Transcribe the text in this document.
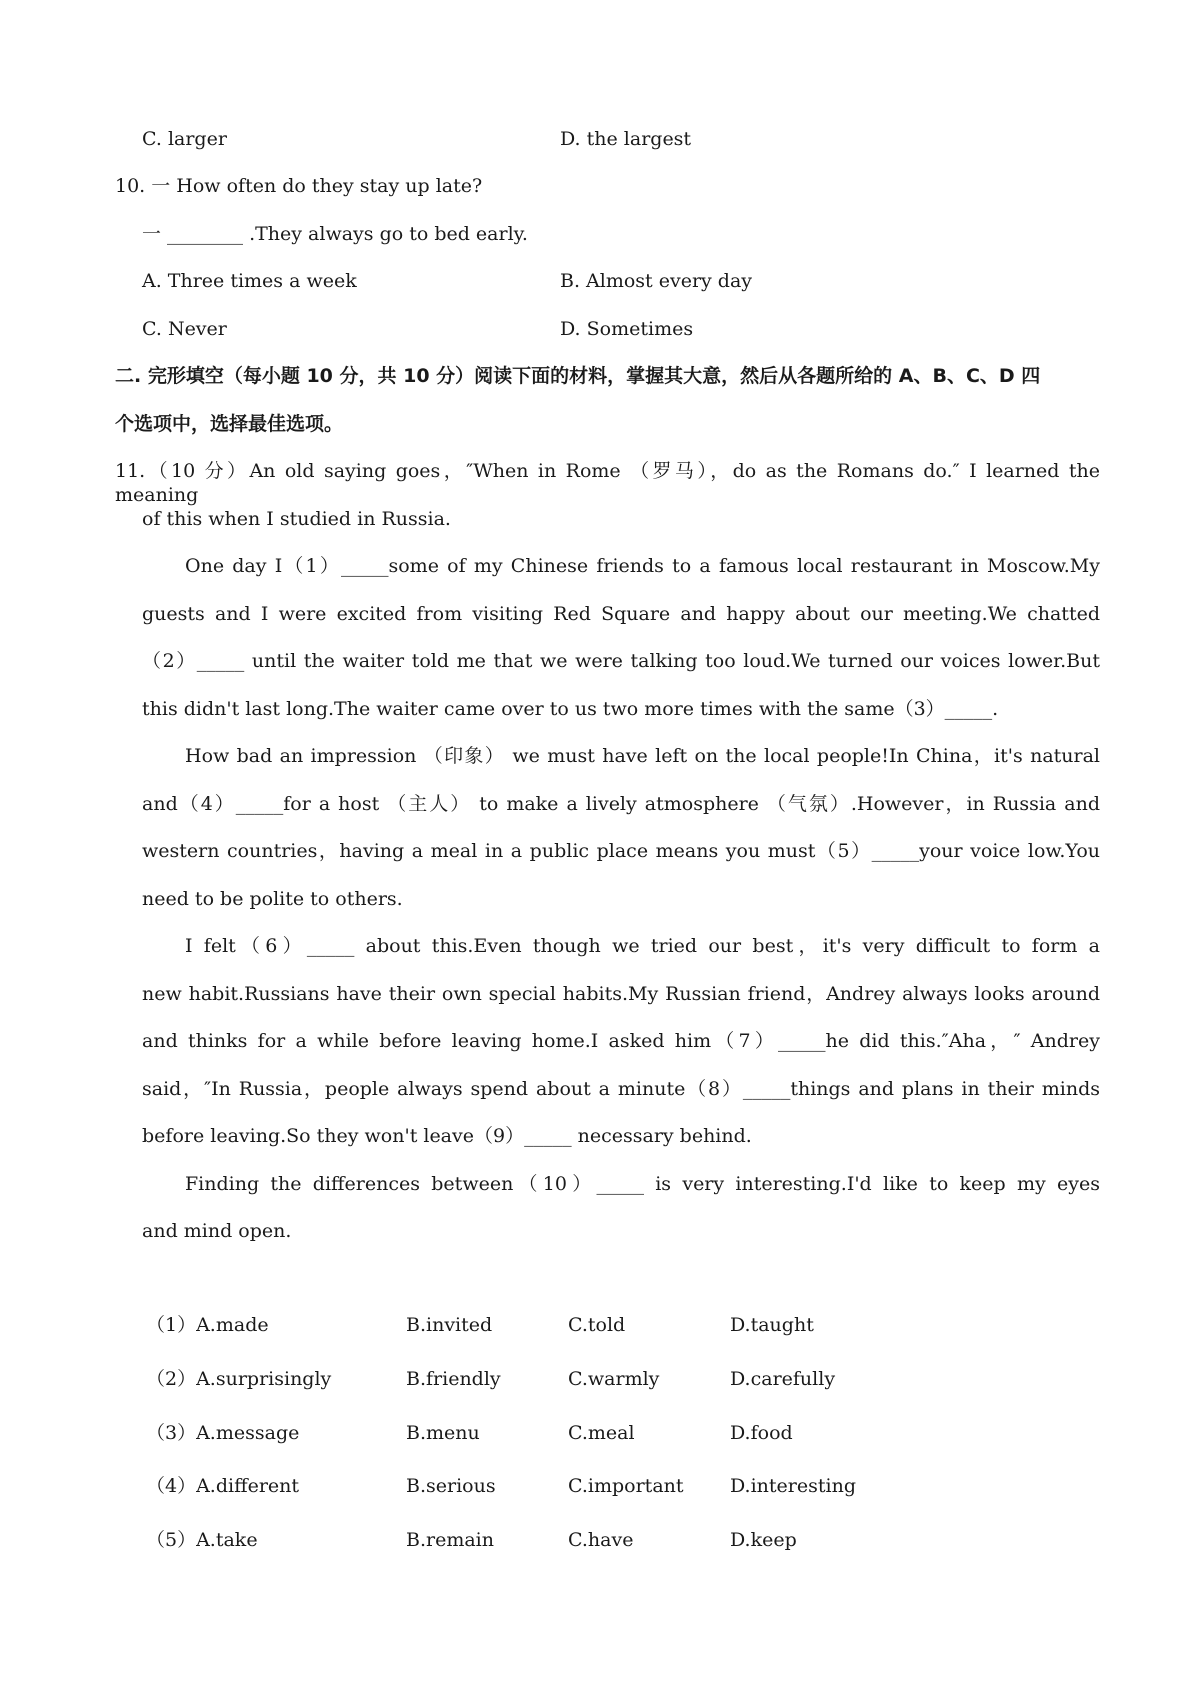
C. larger	D. the largest
10. 一 How often do they stay up late?
一 ________ .They always go to bed early.
A. Three times a week	B. Almost every day
C. Never	D. Sometimes
二. 完形填空（每小题 10 分，共 10 分）阅读下面的材料，掌握其大意，然后从各题所给的 A、B、C、D 四
个选项中，选择最佳选项。
11.（10 分）An old saying goes，″When in Rome （罗马），do as the Romans do.″ I learned the meaning
of this when I studied in Russia.
One day I（1）_____some of my Chinese friends to a famous local restaurant in Moscow.My
guests and I were excited from visiting Red Square and happy about our meeting.We chatted
（2）_____ until the waiter told me that we were talking too loud.We turned our voices lower.But
this didn't last long.The waiter came over to us two more times with the same（3）_____.
How bad an impression （印象） we must have left on the local people!In China，it's natural
and（4）_____for a host （主人） to make a lively atmosphere （气氛）.However，in Russia and
western countries，having a meal in a public place means you must（5）_____your voice low.You
need to be polite to others.
I felt（6）_____ about this.Even though we tried our best，it's very difficult to form a
new habit.Russians have their own special habits.My Russian friend，Andrey always looks around
and thinks for a while before leaving home.I asked him（7）_____he did this.″Aha，″ Andrey
said，″In Russia，people always spend about a minute（8）_____things and plans in their minds
before leaving.So they won't leave（9）_____ necessary behind.
Finding the differences between（10）_____ is very interesting.I'd like to keep my eyes
and mind open.
（1）A.made	B.invited	C.told	D.taught
（2）A.surprisingly	B.friendly	C.warmly	D.carefully
（3）A.message	B.menu	C.meal	D.food
（4）A.different	B.serious	C.important D.interesting
（5）A.take	B.remain	C.have	D.keep
